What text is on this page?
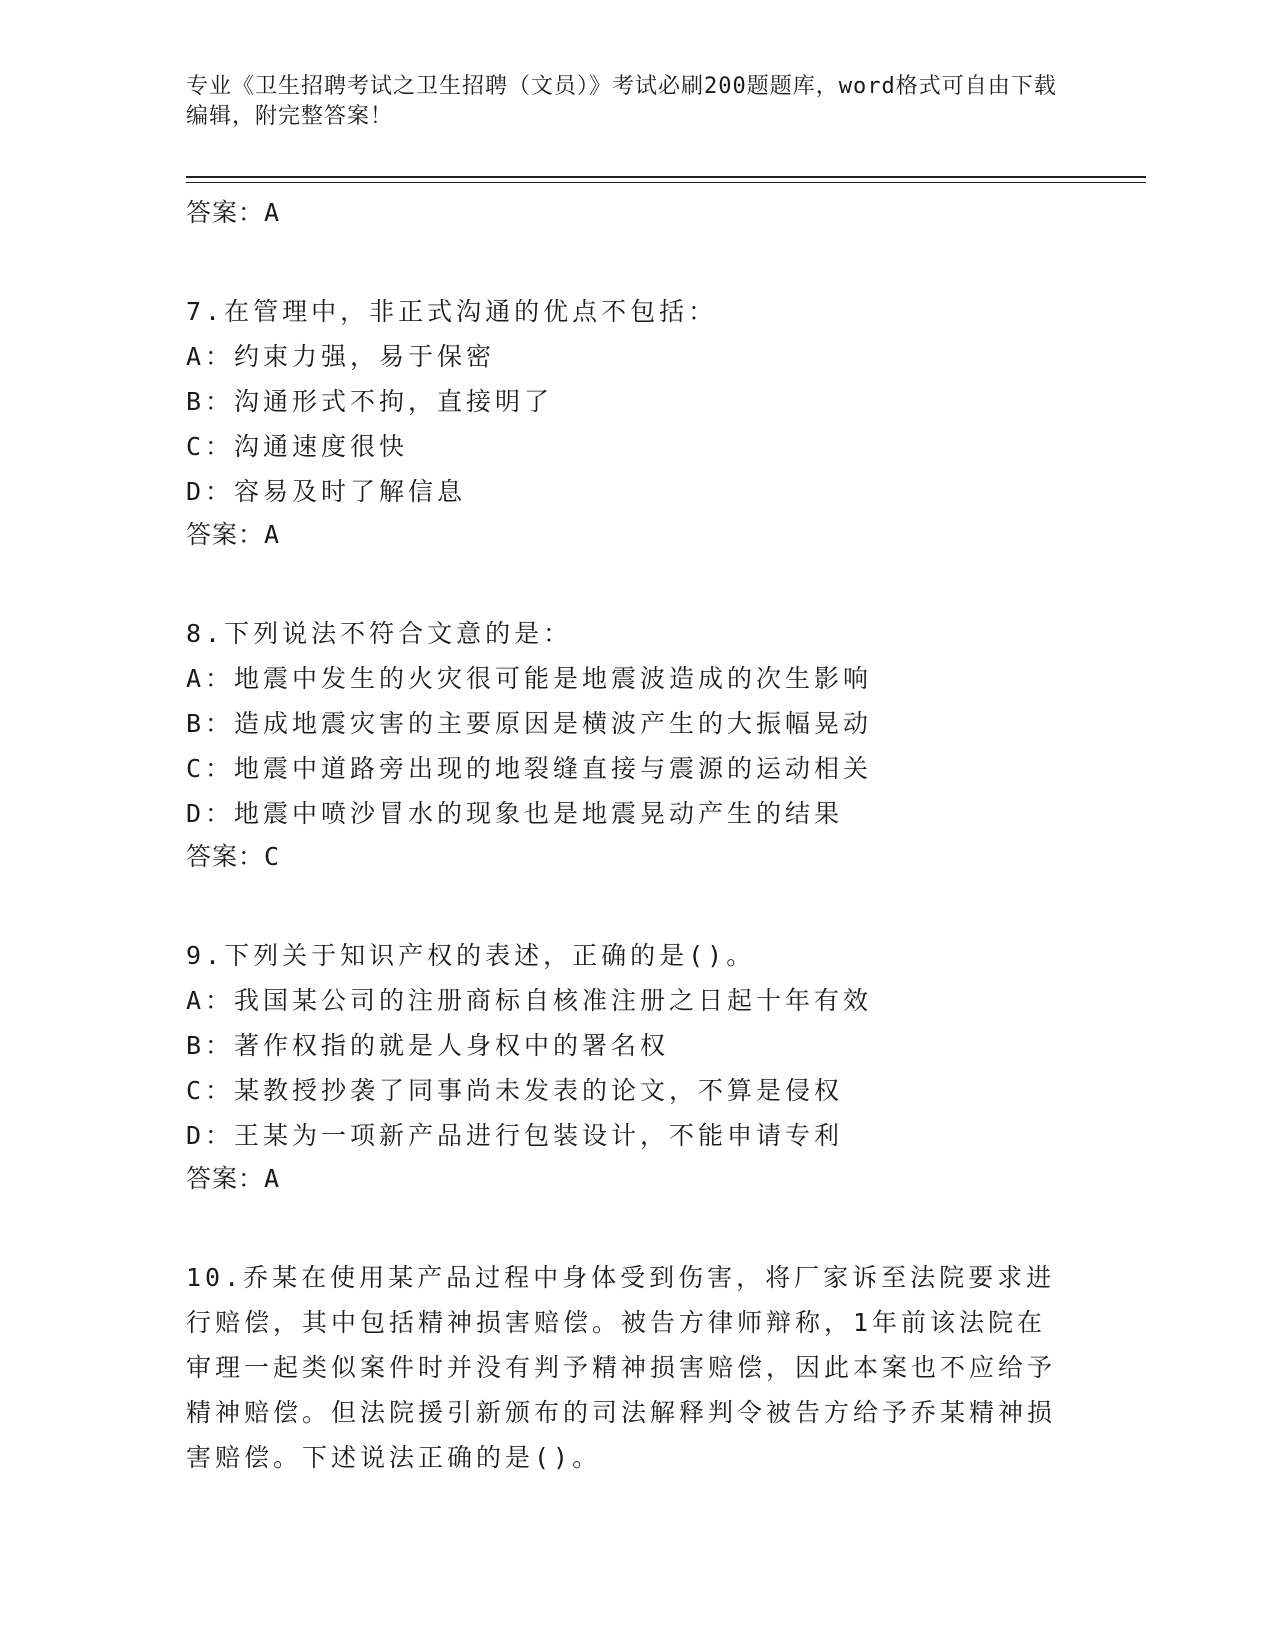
专业《卫生招聘考试之卫生招聘（文员）》考试必刷200题题库，word格式可自由下载编辑，附完整答案！
答案：A
7.在管理中，非正式沟通的优点不包括：
A：约束力强，易于保密
B：沟通形式不拘，直接明了
C：沟通速度很快
D：容易及时了解信息
答案：A
8.下列说法不符合文意的是：
A：地震中发生的火灾很可能是地震波造成的次生影响
B：造成地震灾害的主要原因是横波产生的大振幅晃动
C：地震中道路旁出现的地裂缝直接与震源的运动相关
D：地震中喷沙冒水的现象也是地震晃动产生的结果
答案：C
9.下列关于知识产权的表述，正确的是()。
A：我国某公司的注册商标自核准注册之日起十年有效
B：著作权指的就是人身权中的署名权
C：某教授抄袭了同事尚未发表的论文，不算是侵权
D：王某为一项新产品进行包装设计，不能申请专利
答案：A
10.乔某在使用某产品过程中身体受到伤害，将厂家诉至法院要求进行赔偿，其中包括精神损害赔偿。被告方律师辩称，1年前该法院在审理一起类似案件时并没有判予精神损害赔偿，因此本案也不应给予精神赔偿。但法院援引新颁布的司法解释判令被告方给予乔某精神损害赔偿。下述说法正确的是()。
